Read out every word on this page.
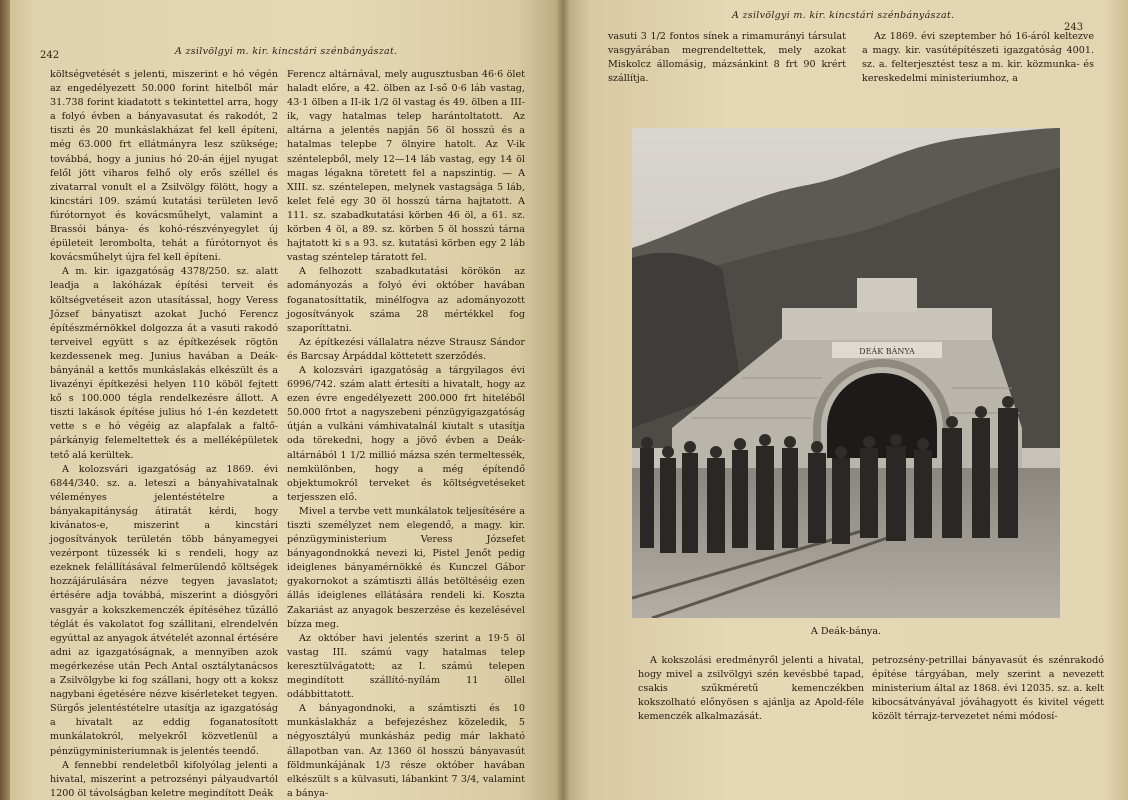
242	A zsilvölgyi m. kir. kincstári szénbányászat.

költségvetését s jelenti, miszerint e hó végén az engedélyezett 50.000 forint hitelből már 31.738 forint kiadatott s tekintettel arra, hogy a folyó évben a bányavasutat és rakodót, 2 tiszti és 20 munkáslakházat fel kell építeni, még 63.000 frt ellátmányra lesz szüksége; továbbá, hogy a junius hó 20-án éjjel nyugat felől jött viharos felhő oly erős széllel és zivatarral vonult el a Zsilvölgy fölött, hogy a kincstári 109. számú kutatási területen levő fúrótornyot és kovácsműhelyt, valamint a Brassói bánya- és kohó-részvényegylet új épületeit lerombolta, tehát a fúrótornyot és kovácsműhelyt újra fel kell építeni.

A m. kir. igazgatóság 4378/250. sz. alatt leadja a lakóházak építési terveit és költségvetéseit azon utasítással, hogy Veress József bányatiszt azokat Juchó Ferencz építészmérnökkel dolgozza át a vasuti rakodó terveivel együtt s az építkezések rögtön kezdessenek meg. Junius havában a Deák-bányánál a kettős munkáslakás elkészült és a livazényi építkezési helyen 110 köböl fejtett kő s 100.000 tégla rendelkezésre állott. A tiszti lakások építése julius hó 1-én kezdetett vette s e hó végéig az alapfalak a faltő-párkányig felemeltettek és a melléképületek tető alá kerültek.

A kolozsvári igazgatóság az 1869. évi 6844/340. sz. a. leteszi a bányahivatalnak véleményes jelentéstételre a bányakapitányság átiratát kérdi, hogy kivánatos-e, miszerint a kincstári jogosítványok területén több bányamegyei vezérpont tüzessék ki s rendeli, hogy az ezeknek felállításával felmerülendő költségek hozzájárulására nézve tegyen javaslatot; értésére adja továbbá, miszerint a diósgyőri vasgyár a kokszkemenczék építéséhez tűzálló téglát és vakolatot fog szállitani, elrendelvén egyúttal az anyagok átvételét azonnal értésére adni az igazgatóságnak, a mennyiben azok megérkezése után Pech Antal osztálytanácsos a Zsilvölgybe ki fog szállani, hogy ott a koksz nagybani égetésére nézve kisérleteket tegyen. Sürgős jelentéstételre utasítja az igazgatóság a hivatalt az eddig foganatosított munkálatokról, melyekről közvetlenül a pénzügyministeriumnak is jelentés teendő.

A fennebbi rendeletből kifolyólag jelenti a hivatal, miszerint a petrozsényi pályaudvartól 1200 öl távolságban keletre megindított Deák

Ferencz altárnával, mely augusztusban 46·6 ölet haladt előre, a 42. ölben az I-ső 0·6 láb vastag, 43·1 ölben a II-ik 1/2 öl vastag és 49. ölben a III-ik, vagy hatalmas telep harántoltatott. Az altárna a jelentés napján 56 öl hosszú és a hatalmas telepbe 7 ölnyire hatolt. Az V-ik széntelepből, mely 12—14 láb vastag, egy 14 öl magas légakna töretett fel a napszintig. — A XIII. sz. széntelepen, melynek vastagsága 5 láb, kelet felé egy 30 öl hosszú tárna hajtatott. A 111. sz. szabadkutatási körben 46 öl, a 61. sz. körben 4 öl, a 89. sz. körben 5 öl hosszú tárna hajtatott ki s a 93. sz. kutatási körben egy 2 láb vastag széntelep táratott fel.

A felhozott szabadkutatási körökön az adományozás a folyó évi október havában foganatosíttatik, minélfogva az adományozott jogosítványok száma 28 mértékkel fog szaporíttatni.

Az építkezési vállalatra nézve Strausz Sándor és Barcsay Árpáddal köttetett szerződés.

A kolozsvári igazgatóság a tárgyilagos évi 6996/742. szám alatt értesíti a hivatalt, hogy az ezen évre engedélyezett 200.000 frt hiteléből 50.000 frtot a nagyszebeni pénzügyigazgatóság útján a vulkáni vámhivatalnál kiutalt s utasítja oda törekedni, hogy a jövő évben a Deák-altárnából 1 1/2 millió mázsa szén termeltessék, nemkülönben, hogy a még építendő objektumokról terveket és költségvetéseket terjesszen elő.

Mivel a tervbe vett munkálatok teljesítésére a tiszti személyzet nem elegendő, a magy. kir. pénzügyministerium Veress Józsefet bányagondnokká nevezi ki, Pistel Jenőt pedig ideiglenes bányamérnökké és Kunczel Gábor gyakornokot a számtiszti állás betöltéséig ezen állás ideiglenes ellátására rendeli ki. Koszta Zakariást az anyagok beszerzése és kezelésével bízza meg.

Az október havi jelentés szerint a 19·5 öl vastag III. számú vagy hatalmas telep keresztülvágatott; az I. számú telepen megindított szállító-nyílám 11 öllel odábbittatott.

A bányagondnoki, a számtiszti és 10 munkáslakház a befejezéshez közeledik, 5 négyosztályú munkásház pedig már lakható állapotban van. Az 1360 öl hosszú bányavasút földmunkájának 1/3 része október havában elkészült s a külvasuti, lábankint 7 3/4, valamint a bánya-

A zsilvölgyi m. kir. kincstári szénbányászat.
243

vasuti 3 1/2 fontos sínek a rimamurányi társulat vasgyárában megrendeltettek, mely azokat Miskolcz állomásig, mázsánkint 8 frt 90 krért szállítja.

Az 1869. évi szeptember hó 16-áról keltezve a magy. kir. vasútépítészeti igazgatóság 4001. sz. a. felterjesztést tesz a m. kir. közmunka- és kereskedelmi ministeriumhoz, a

A kokszolási eredményről jelenti a hivatal, hogy mivel a zsilvölgyi szén kevésbbé tapad, csakis szűkméretű kemenczékben kokszolható előnyösen s ajánlja az Apold-féle kemenczék alkalmazását.

petrozsény-petrillai bányavasút és szénrakodó építése tárgyában, mely szerint a nevezett ministerium által az 1868. évi 12035. sz. a. kelt kibocsátványával jóváhagyott és kivitel végett közölt térrajz-tervezetet némi módosí-

DEÁK BÁNYA
A Deák-bánya.
